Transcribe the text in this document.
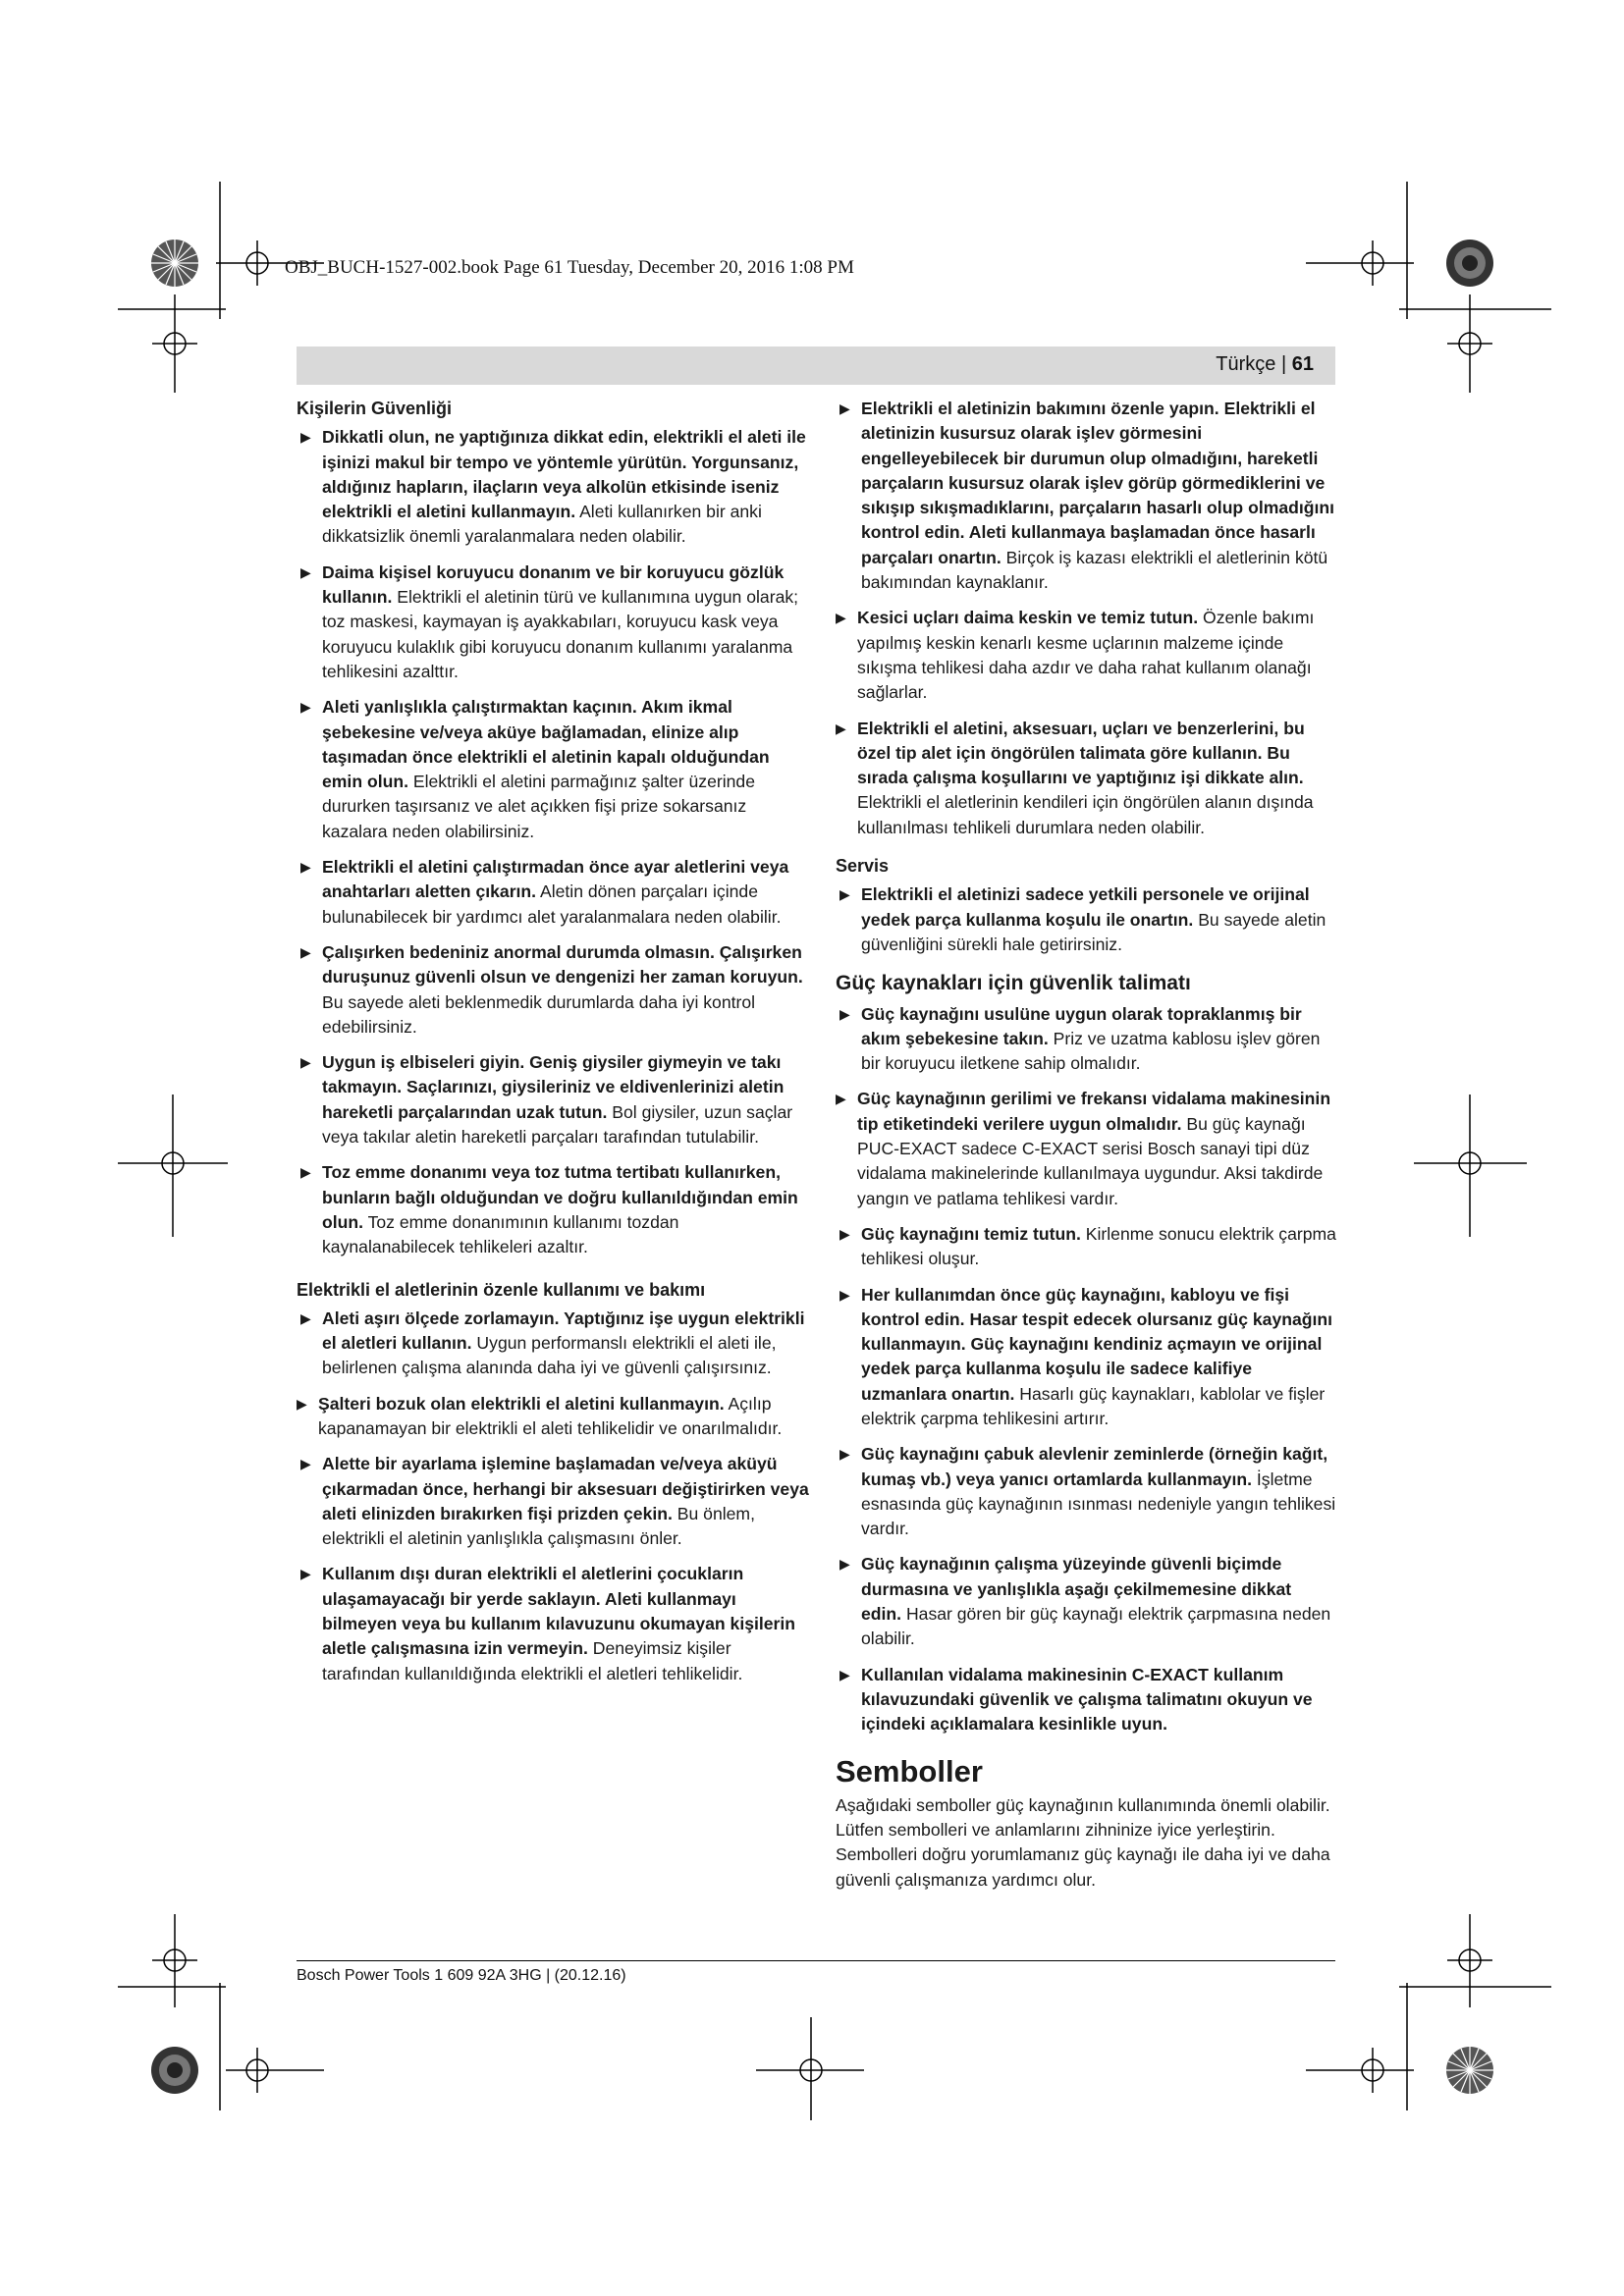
OBJ_BUCH-1527-002.book Page 61 Tuesday, December 20, 2016 1:08 PM
Türkçe | 61
Kişilerin Güvenliği
▶ Dikkatli olun, ne yaptığınıza dikkat edin, elektrikli el aleti ile işinizi makul bir tempo ve yöntemle yürütün. Yorgunsanız, aldığınız hapların, ilaçların veya alkolün etkisinde iseniz elektrikli el aletini kullanmayın. Aleti kullanırken bir anki dikkatsizlik önemli yaralanmalara neden olabilir.
▶ Daima kişisel koruyucu donanım ve bir koruyucu gözlük kullanın. Elektrikli el aletinin türü ve kullanımına uygun olarak; toz maskesi, kaymayan iş ayakkabıları, koruyucu kask veya koruyucu kulaklık gibi koruyucu donanım kullanımı yaralanma tehlikesini azalttır.
▶ Aleti yanlışlıkla çalıştırmaktan kaçının. Akım ikmal şebekesine ve/veya aküye bağlamadan, elinize alıp taşımadan önce elektrikli el aletinin kapalı olduğundan emin olun. Elektrikli el aletini parmağınız şalter üzerinde dururken taşırsanız ve alet açıkken fişi prize sokarsanız kazalara neden olabilirsiniz.
▶ Elektrikli el aletini çalıştırmadan önce ayar aletlerini veya anahtarları aletten çıkarın. Aletin dönen parçaları içinde bulunabilecek bir yardımcı alet yaralanmalara neden olabilir.
▶ Çalışırken bedeniniz anormal durumda olmasın. Çalışırken duruşunuz güvenli olsun ve dengenizi her zaman koruyun. Bu sayede aleti beklenmedik durumlarda daha iyi kontrol edebilirsiniz.
▶ Uygun iş elbiseleri giyin. Geniş giysiler giymeyin ve takı takmayın. Saçlarınızı, giysileriniz ve eldivenlerinizi aletin hareketli parçalarından uzak tutun. Bol giysiler, uzun saçlar veya takılar aletin hareketli parçaları tarafından tutulabilir.
▶ Toz emme donanımı veya toz tutma tertibatı kullanırken, bunların bağlı olduğundan ve doğru kullanıldığından emin olun. Toz emme donanımının kullanımı tozdan kaynalanabilecek tehlikeleri azaltır.
Elektrikli el aletlerinin özenle kullanımı ve bakımı
▶ Aleti aşırı ölçede zorlamayın. Yaptığınız işe uygun elektrikli el aletleri kullanın. Uygun performanslı elektrikli el aleti ile, belirlenen çalışma alanında daha iyi ve güvenli çalışırsınız.
▶ Şalteri bozuk olan elektrikli el aletini kullanmayın. Açılıp kapanamayan bir elektrikli el aleti tehlikelidir ve onarılmalıdır.
▶ Alette bir ayarlama işlemine başlamadan ve/veya aküyü çıkarmadan önce, herhangi bir aksesuarı değiştirirken veya aleti elinizden bırakırken fişi prizden çekin. Bu önlem, elektrikli el aletinin yanlışlıkla çalışmasını önler.
▶ Kullanım dışı duran elektrikli el aletlerini çocukların ulaşamayacağı bir yerde saklayın. Aleti kullanmayı bilmeyen veya bu kullanım kılavuzunu okumayan kişilerin aletle çalışmasına izin vermeyin. Deneyimsiz kişiler tarafından kullanıldığında elektrikli el aletleri tehlikelidir.
▶ Elektrikli el aletinizin bakımını özenle yapın. Elektrikli el aletinizin kusursuz olarak işlev görmesini engelleyebilecek bir durumun olup olmadığını, hareketli parçaların kusursuz olarak işlev görüp görmediklerini ve sıkışıp sıkışmadıklarını, parçaların hasarlı olup olmadığını kontrol edin. Aleti kullanmaya başlamadan önce hasarlı parçaları onartın. Birçok iş kazası elektrikli el aletlerinin kötü bakımından kaynaklanır.
▶ Kesici uçları daima keskin ve temiz tutun. Özenle bakımı yapılmış keskin kenarlı kesme uçlarının malzeme içinde sıkışma tehlikesi daha azdır ve daha rahat kullanım olanağı sağlarlar.
▶ Elektrikli el aletini, aksesuarı, uçları ve benzerlerini, bu özel tip alet için öngörülen talimata göre kullanın. Bu sırada çalışma koşullarını ve yaptığınız işi dikkate alın. Elektrikli el aletlerinin kendileri için öngörülen alanın dışında kullanılması tehlikeli durumlara neden olabilir.
Servis
▶ Elektrikli el aletinizi sadece yetkili personele ve orijinal yedek parça kullanma koşulu ile onartın. Bu sayede aletin güvenliğini sürekli hale getirirsiniz.
Güç kaynakları için güvenlik talimatı
▶ Güç kaynağını usulüne uygun olarak topraklanmış bir akım şebekesine takın. Priz ve uzatma kablosu işlev gören bir koruyucu iletkene sahip olmalıdır.
▶ Güç kaynağının gerilimi ve frekansı vidalama makinesinin tip etiketindeki verilere uygun olmalıdır. Bu güç kaynağı PUC-EXACT sadece C-EXACT serisi Bosch sanayi tipi düz vidalama makinelerinde kullanılmaya uygundur. Aksi takdirde yangın ve patlama tehlikesi vardır.
▶ Güç kaynağını temiz tutun. Kirlenme sonucu elektrik çarpma tehlikesi oluşur.
▶ Her kullanımdan önce güç kaynağını, kabloyu ve fişi kontrol edin. Hasar tespit edecek olursanız güç kaynağını kullanmayın. Güç kaynağını kendiniz açmayın ve orijinal yedek parça kullanma koşulu ile sadece kalifiye uzmanlara onartın. Hasarlı güç kaynakları, kablolar ve fişler elektrik çarpma tehlikesini artırır.
▶ Güç kaynağını çabuk alevlenir zeminlerde (örneğin kağıt, kumaş vb.) veya yanıcı ortamlarda kullanmayın. İşletme esnasında güç kaynağının ısınması nedeniyle yangın tehlikesi vardır.
▶ Güç kaynağının çalışma yüzeyinde güvenli biçimde durmasına ve yanlışlıkla aşağı çekilmemesine dikkat edin. Hasar gören bir güç kaynağı elektrik çarpmasına neden olabilir.
▶ Kullanılan vidalama makinesinin C-EXACT kullanım kılavuzundaki güvenlik ve çalışma talimatını okuyun ve içindeki açıklamalara kesinlikle uyun.
Semboller

Aşağıdaki semboller güç kaynağının kullanımında önemli olabilir. Lütfen sembolleri ve anlamlarını zihninize iyice yerleştirin. Sembolleri doğru yorumlamanız güç kaynağı ile daha iyi ve daha güvenli çalışmanıza yardımcı olur.

Bosch Power Tools 1 609 92A 3HG | (20.12.16)
